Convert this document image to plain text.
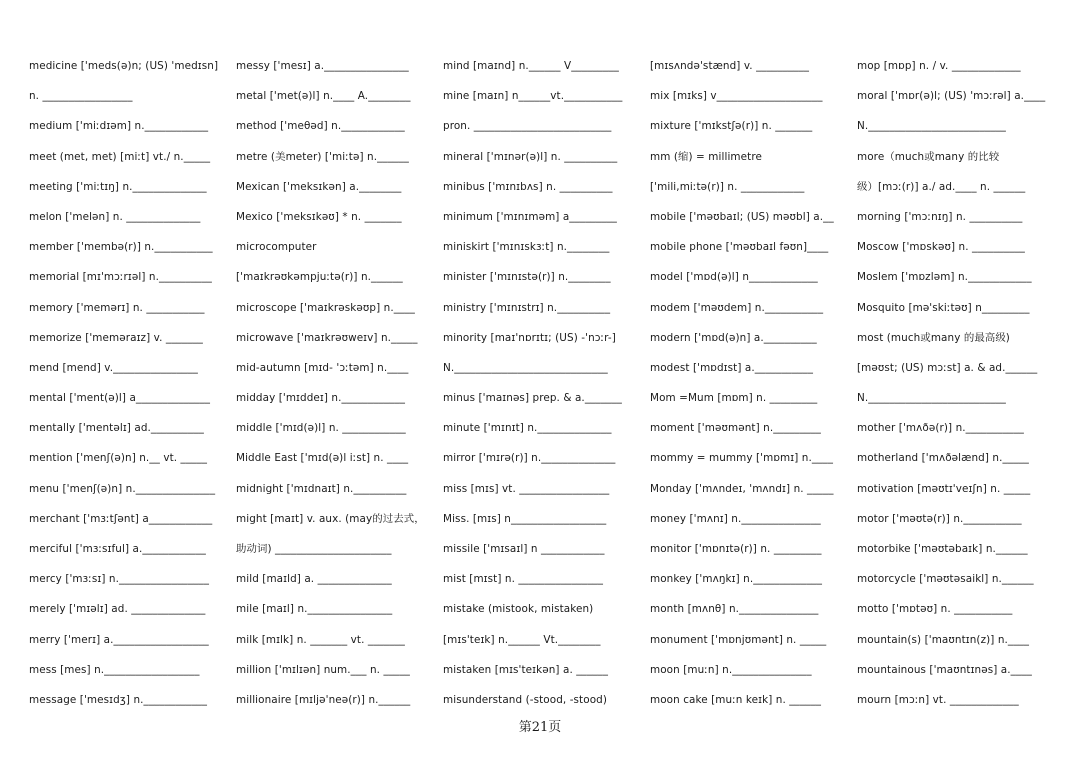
medicine ['meds(ə)n; (US) 'medɪsn]
n. _________________
medium ['miːdɪəm] n.____________
meet (met, met) [miːt] vt./ n._____
meeting ['miːtɪŋ] n.______________
melon ['melən] n. ______________
member ['membə(r)] n.___________
memorial [mɪ'mɔːrɪəl] n.__________
memory ['memərɪ] n. ___________
memorize ['meməraɪz] v. _______
mend [mend] v.________________
mental ['ment(ə)l] a______________
mentally ['mentəlɪ] ad.__________
mention ['menʃ(ə)n] n.__ vt. _____
menu ['menʃ(ə)n] n._______________
merchant ['mɜːtʃənt] a____________
merciful ['mɜːsɪful] a.____________
mercy ['mɜːsɪ] n._________________
merely ['mɪəlɪ] ad. ______________
merry ['merɪ] a.__________________
mess [mes] n.__________________
message ['mesɪdʒ] n.____________
messy ['mesɪ] a.________________
metal ['met(ə)l] n.____ A.________
method ['meθəd] n.____________
metre (美meter) ['miːtə] n.______
Mexican ['meksɪkən] a.________
Mexico ['meksɪkəʊ] * n. _______
microcomputer
['maɪkrəʊkəmpjuːtə(r)] n.______
microscope ['maɪkrəskəʊp] n.____
microwave ['maɪkrəʊweɪv] n._____
mid-autumn [mɪd- 'ɔːtəm] n.____
midday ['mɪddeɪ] n.____________
middle ['mɪd(ə)l] n. ____________
Middle East ['mɪd(ə)l iːst] n. ____
midnight ['mɪdnaɪt] n.__________
might [maɪt] v. aux. (may的过去式，
助动词) ______________________
mild [maɪld] a. ______________
mile [maɪl] n.________________
milk [mɪlk] n. _______ vt. _______
million ['mɪlɪən] num.___ n. _____
millionaire [mɪljə'neə(r)] n.______
mind [maɪnd] n.______ V_________
mine [maɪn] n______vt.___________
pron. __________________________
mineral ['mɪnər(ə)l] n. __________
minibus ['mɪnɪbʌs] n. __________
minimum ['mɪnɪməm] a_________
miniskirt ['mɪnɪskɜːt] n.________
minister ['mɪnɪstə(r)] n.________
ministry ['mɪnɪstrɪ] n.__________
minority [maɪ'nɒrɪtɪ; (US) -'nɔːr-]
N._____________________________
minus ['maɪnəs] prep. & a._______
minute ['mɪnɪt] n.______________
mirror ['mɪrə(r)] n.______________
miss [mɪs] vt. _________________
Miss. [mɪs] n__________________
missile ['mɪsaɪl] n ____________
mist [mɪst] n. ________________
mistake (mistook, mistaken)
[mɪs'teɪk] n.______ Vt.________
mistaken [mɪs'teɪkən] a. ______
misunderstand (-stood, -stood)
[mɪsʌndə'stænd] v. __________
mix [mɪks] v____________________
mixture ['mɪkstʃə(r)] n. _______
mm (缩) = millimetre
['mili,miːtə(r)] n. ____________
mobile ['məʊbaɪl; (US) məʊbl] a.__
mobile phone ['məʊbaɪl fəʊn]____
model ['mɒd(ə)l] n_____________
modem ['məʊdem] n.___________
modern ['mɒd(ə)n] a.__________
modest ['mɒdɪst] a.___________
Mom =Mum [mɒm] n. _________
moment ['məʊmənt] n._________
mommy = mummy ['mɒmɪ] n.____
Monday ['mʌndeɪ, 'mʌndɪ] n. _____
money ['mʌnɪ] n._______________
monitor ['mɒnɪtə(r)] n. _________
monkey ['mʌŋkɪ] n._____________
month [mʌnθ] n._______________
monument ['mɒnjʊmənt] n. _____
moon [muːn] n._______________
moon cake [muːn keɪk] n. ______
mop [mɒp] n. / v. _____________
moral ['mɒr(ə)l; (US) 'mɔːrəl] a.____
N.__________________________
more（much或many 的比较
级）[mɔː(r)] a./ ad.____ n. ______
morning ['mɔːnɪŋ] n. __________
Moscow ['mɒskəʊ] n. __________
Moslem ['mɒzləm] n.____________
Mosquito [mə'skiːtəʊ] n_________
most (much或many 的最高级)
[məʊst; (US) mɔːst] a. & ad.______
N.__________________________
mother ['mʌðə(r)] n.___________
motherland ['mʌðəlænd] n._____
motivation [məʊtɪ'veɪʃn] n. _____
motor ['məʊtə(r)] n.___________
motorbike ['məʊtəbaɪk] n.______
motorcycle ['məʊtəsaikl] n.______
motto ['mɒtəʊ] n. ___________
mountain(s) ['maʊntɪn(z)] n.____
mountainous ['maʊntɪnəs] a.____
mourn [mɔːn] vt. _____________
第21页
